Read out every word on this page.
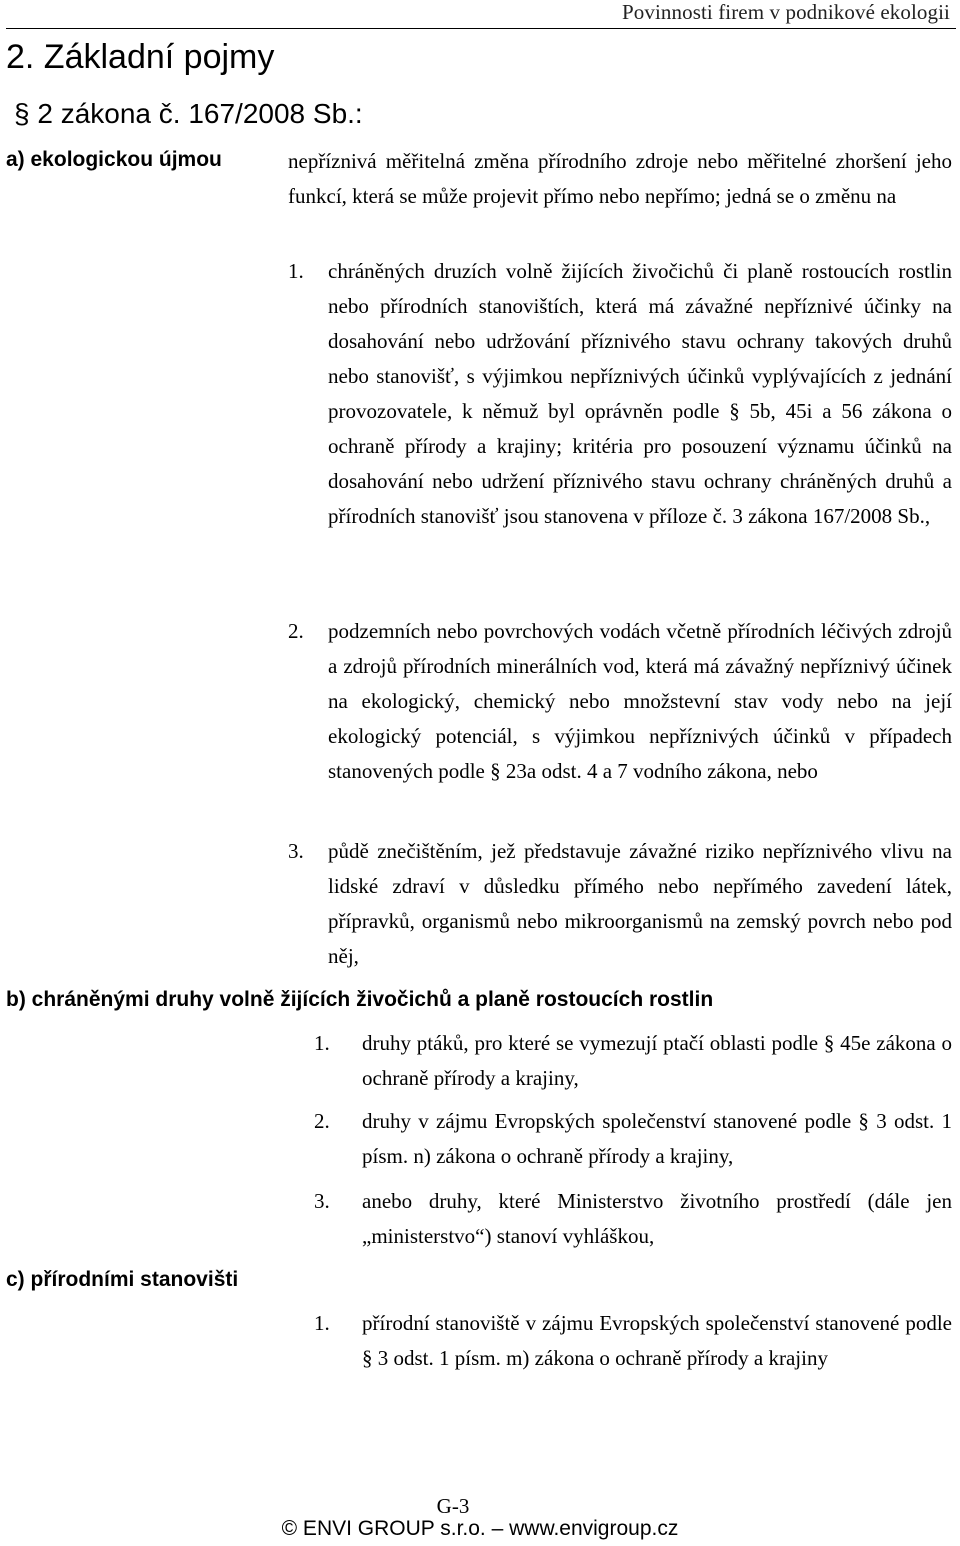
Povinnosti firem v podnikové ekologii
2. Základní pojmy

§ 2 zákona č. 167/2008 Sb.:

a) ekologickou újmou	nepříznivá měřitelná změna přírodního zdroje nebo měřitelné zhoršení jeho funkcí, která se může projevit přímo nebo nepřímo; jedná se o změnu na

1. chráněných druzích volně žijících živočichů či planě rostoucích rostlin nebo přírodních stanovištích, která má závažné nepříznivé účinky na dosahování nebo udržování příznivého stavu ochrany takových druhů nebo stanovišť, s výjimkou nepříznivých účinků vyplývajících z jednání provozovatele, k němuž byl oprávněn podle § 5b, 45i a 56 zákona o ochraně přírody a krajiny; kritéria pro posouzení významu účinků na dosahování nebo udržení příznivého stavu ochrany chráněných druhů a přírodních stanovišť jsou stanovena v příloze č. 3 zákona 167/2008 Sb.,
2. podzemních nebo povrchových vodách včetně přírodních léčivých zdrojů a zdrojů přírodních minerálních vod, která má závažný nepříznivý účinek na ekologický, chemický nebo množstevní stav vody nebo na její ekologický potenciál, s výjimkou nepříznivých účinků v případech stanovených podle § 23a odst. 4 a 7 vodního zákona, nebo
3. půdě znečištěním, jež představuje závažné riziko nepříznivého vlivu na lidské zdraví v důsledku přímého nebo nepřímého zavedení látek, přípravků, organismů nebo mikroorganismů na zemský povrch nebo pod něj,

b) chráněnými druhy volně žijících živočichů a planě rostoucích rostlin

1. druhy ptáků, pro které se vymezují ptačí oblasti podle § 45e zákona o ochraně přírody a krajiny,
2. druhy v zájmu Evropských společenství stanovené podle § 3 odst. 1 písm. n) zákona o ochraně přírody a krajiny,
3. anebo druhy, které Ministerstvo životního prostředí (dále jen „ministerstvo“) stanoví vyhláškou,

c) přírodními stanovišti

1. přírodní stanoviště v zájmu Evropských společenství stanovené podle § 3 odst. 1 písm. m) zákona o ochraně přírody a krajiny
G-3
© ENVI GROUP s.r.o. – www.envigroup.cz
